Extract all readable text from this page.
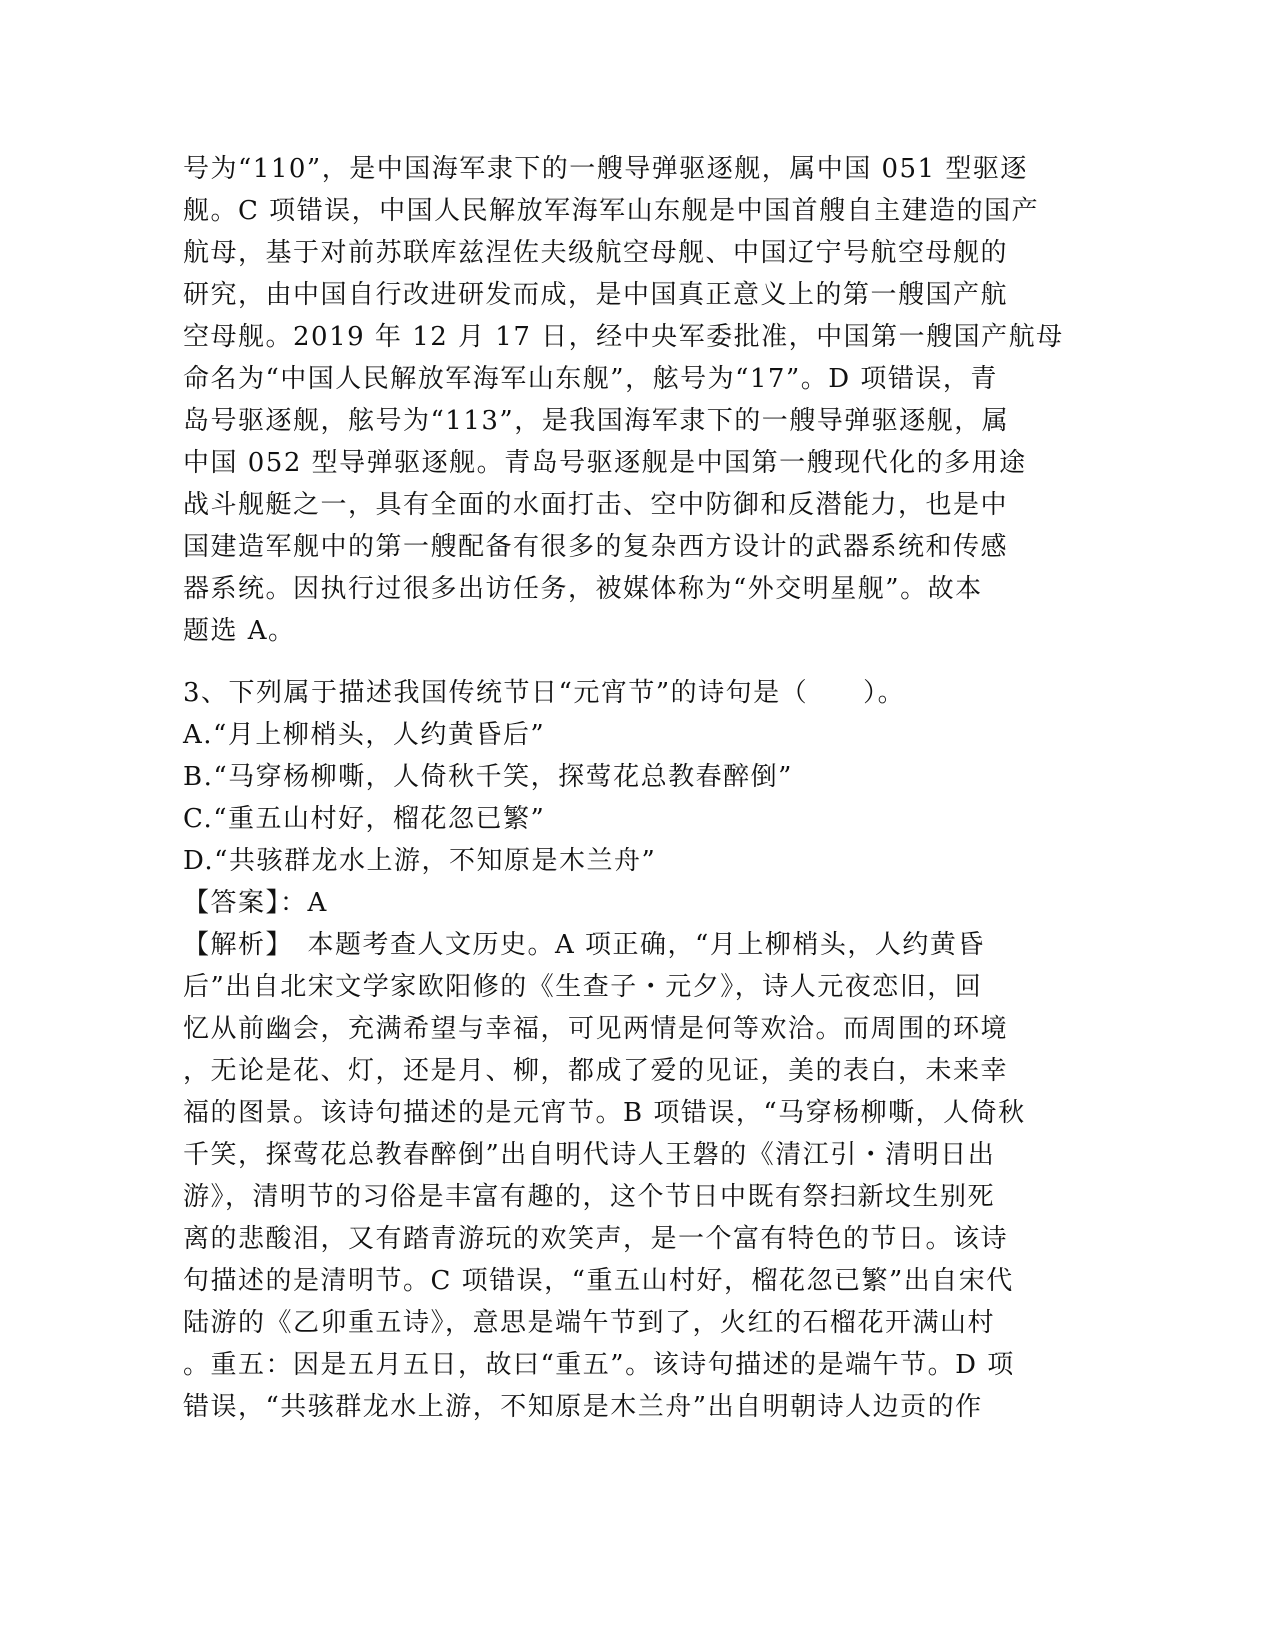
号为“110”，是中国海军隶下的一艘导弹驱逐舰，属中国 051 型驱逐
舰。C 项错误，中国人民解放军海军山东舰是中国首艘自主建造的国产
航母，基于对前苏联库兹涅佐夫级航空母舰、中国辽宁号航空母舰的
研究，由中国自行改进研发而成，是中国真正意义上的第一艘国产航
空母舰。2019 年 12 月 17 日，经中央军委批准，中国第一艘国产航母
命名为“中国人民解放军海军山东舰”，舷号为“17”。D 项错误，青
岛号驱逐舰，舷号为“113”，是我国海军隶下的一艘导弹驱逐舰，属
中国 052 型导弹驱逐舰。青岛号驱逐舰是中国第一艘现代化的多用途
战斗舰艇之一，具有全面的水面打击、空中防御和反潜能力，也是中
国建造军舰中的第一艘配备有很多的复杂西方设计的武器系统和传感
器系统。因执行过很多出访任务，被媒体称为“外交明星舰”。故本
题选 A。
3、下列属于描述我国传统节日“元宵节”的诗句是（　　）。
A.“月上柳梢头，人约黄昏后”
B.“马穿杨柳嘶，人倚秋千笑，探莺花总教春醉倒”
C.“重五山村好，榴花忽已繁”
D.“共骇群龙水上游，不知原是木兰舟”
【答案】：A
【解析】　本题考查人文历史。A 项正确，“月上柳梢头，人约黄昏
后”出自北宋文学家欧阳修的《生查子・元夕》，诗人元夜恋旧，回
忆从前幽会，充满希望与幸福，可见两情是何等欢洽。而周围的环境
，无论是花、灯，还是月、柳，都成了爱的见证，美的表白，未来幸
福的图景。该诗句描述的是元宵节。B 项错误，“马穿杨柳嘶，人倚秋
千笑，探莺花总教春醉倒”出自明代诗人王磐的《清江引・清明日出
游》，清明节的习俗是丰富有趣的，这个节日中既有祭扫新坟生别死
离的悲酸泪，又有踏青游玩的欢笑声，是一个富有特色的节日。该诗
句描述的是清明节。C 项错误，“重五山村好，榴花忽已繁”出自宋代
陆游的《乙卯重五诗》，意思是端午节到了，火红的石榴花开满山村
。重五：因是五月五日，故曰“重五”。该诗句描述的是端午节。D 项
错误，“共骇群龙水上游，不知原是木兰舟”出自明朝诗人边贡的作
